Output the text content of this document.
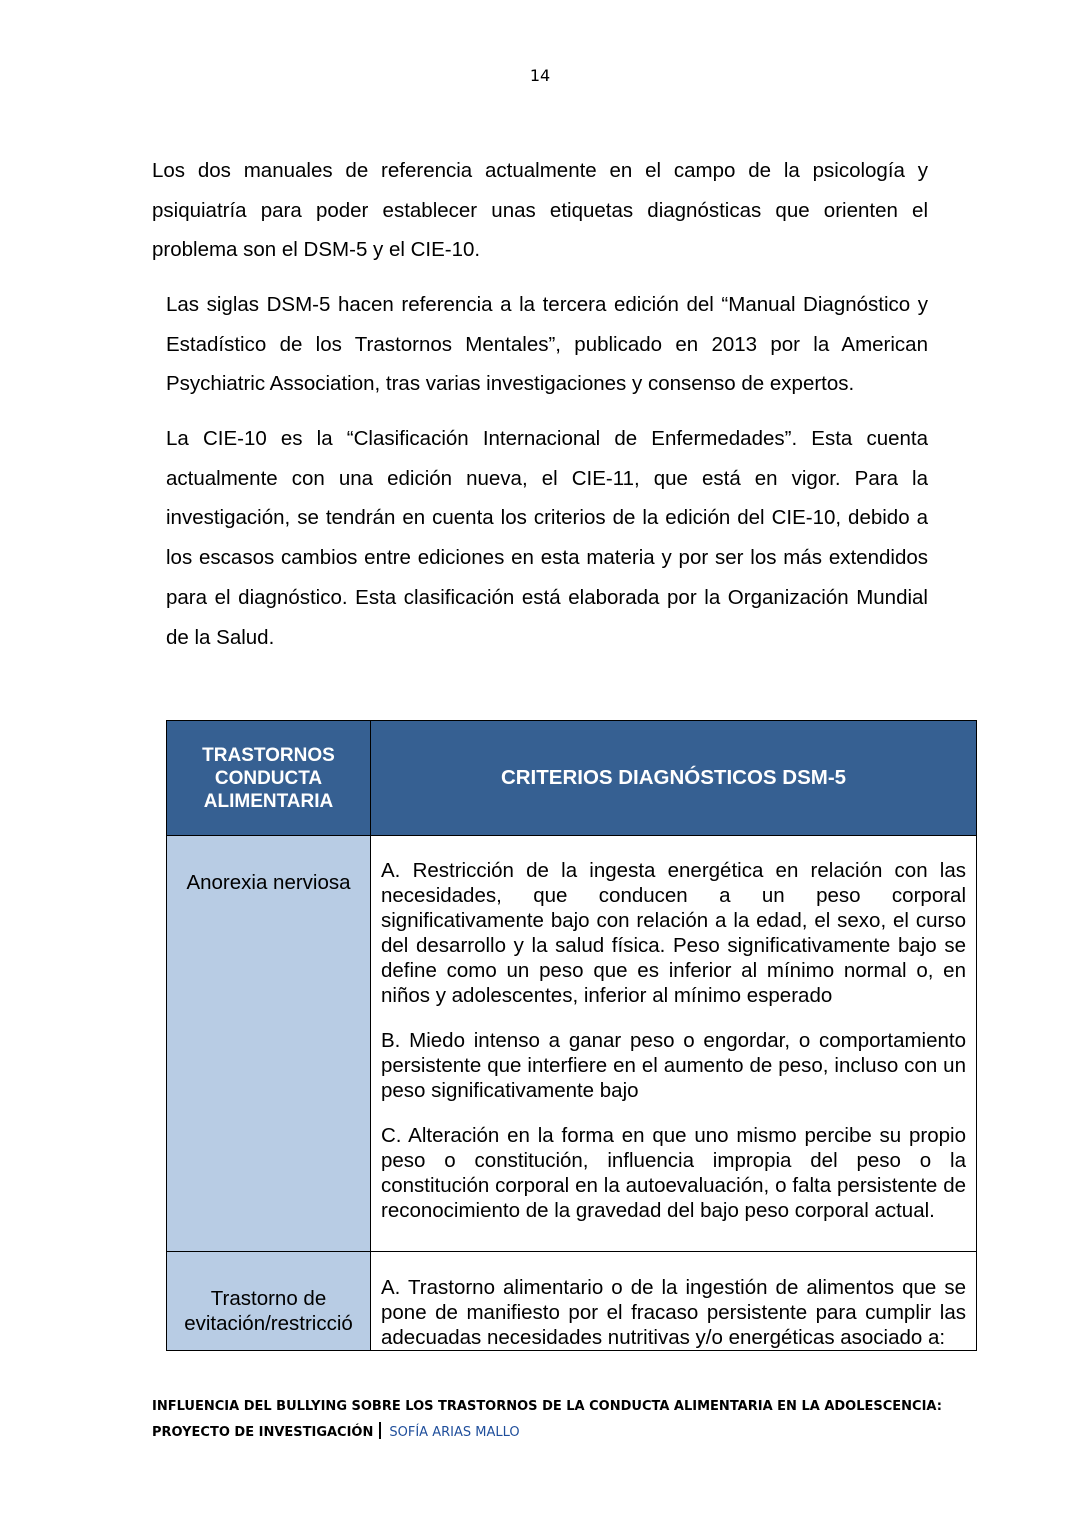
14

Los dos manuales de referencia actualmente en el campo de la psicología y psiquiatría para poder establecer unas etiquetas diagnósticas que orienten el problema son el DSM-5 y el CIE-10.

Las siglas DSM-5 hacen referencia a la tercera edición del “Manual Diagnóstico y Estadístico de los Trastornos Mentales”, publicado en 2013 por la American Psychiatric Association, tras varias investigaciones y consenso de expertos.

La CIE-10 es la “Clasificación Internacional de Enfermedades”. Esta cuenta actualmente con una edición nueva, el CIE-11, que está en vigor. Para la investigación, se tendrán en cuenta los criterios de la edición del CIE-10, debido a los escasos cambios entre ediciones en esta materia y por ser los más extendidos para el diagnóstico. Esta clasificación está elaborada por la Organización Mundial de la Salud.

TRASTORNOS
CONDUCTA
ALIMENTARIA	CRITERIOS DIAGNÓSTICOS DSM-5
Anorexia nerviosa	A. Restricción de la ingesta energética en relación con las necesidades, que conducen a un peso corporal significativamente bajo con relación a la edad, el sexo, el curso del desarrollo y la salud física. Peso significativamente bajo se define como un peso que es inferior al mínimo normal o, en niños y adolescentes, inferior al mínimo esperado

B. Miedo intenso a ganar peso o engordar, o comportamiento persistente que interfiere en el aumento de peso, incluso con un peso significativamente bajo

C. Alteración en la forma en que uno mismo percibe su propio peso o constitución, influencia impropia del peso o la constitución corporal en la autoevaluación, o falta persistente de reconocimiento de la gravedad del bajo peso corporal actual.

Trastorno de
evitación/restricció	A. Trastorno alimentario o de la ingestión de alimentos que se pone de manifiesto por el fracaso persistente para cumplir las adecuadas necesidades nutritivas y/o energéticas asociado a:

INFLUENCIA DEL BULLYING SOBRE LOS TRASTORNOS DE LA CONDUCTA ALIMENTARIA EN LA ADOLESCENCIA:
PROYECTO DE INVESTIGACIÓN SOFÍA ARIAS MALLO
